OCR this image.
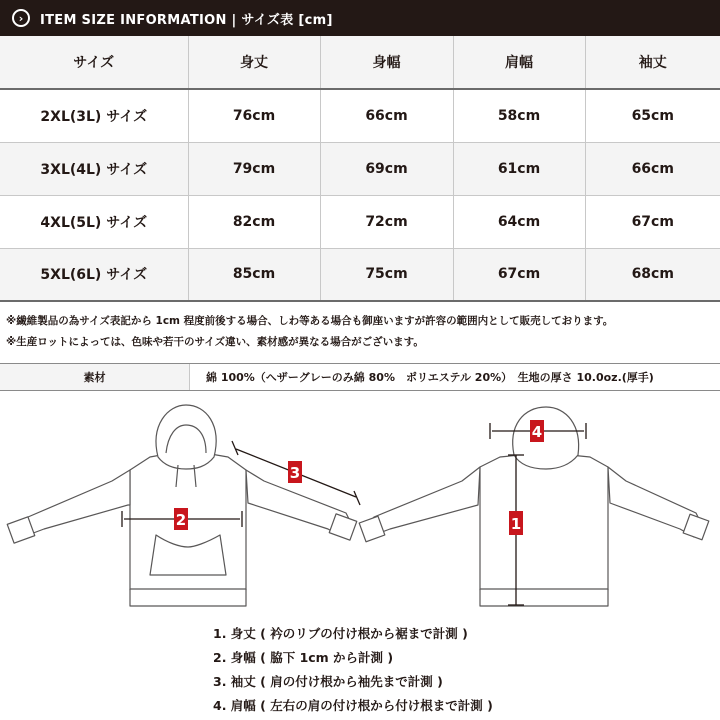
›	ITEM SIZE INFORMATION | サイズ表 [cm]
サイズ	身丈	身幅	肩幅	袖丈
2XL(3L) サイズ	76cm	66cm	58cm	65cm
3XL(4L) サイズ	79cm	69cm	61cm	66cm
4XL(5L) サイズ	82cm	72cm	64cm	67cm
5XL(6L) サイズ	85cm	75cm	67cm	68cm
※繊維製品の為サイズ表記から 1cm 程度前後する場合、しわ等ある場合も御座いますが許容の範囲内として販売しております。
※生産ロットによっては、色味や若干のサイズ違い、素材感が異なる場合がございます。
素材	綿 100%（ヘザーグレーのみ綿 80%　ポリエステル 20%）　生地の厚さ 10.0oz.(厚手)
2
3
4
1
1. 身丈 ( 衿のリブの付け根から裾まで計測 )
2. 身幅 ( 脇下 1cm から計測 )
3. 袖丈 ( 肩の付け根から袖先まで計測 )
4. 肩幅 ( 左右の肩の付け根から付け根まで計測 )
